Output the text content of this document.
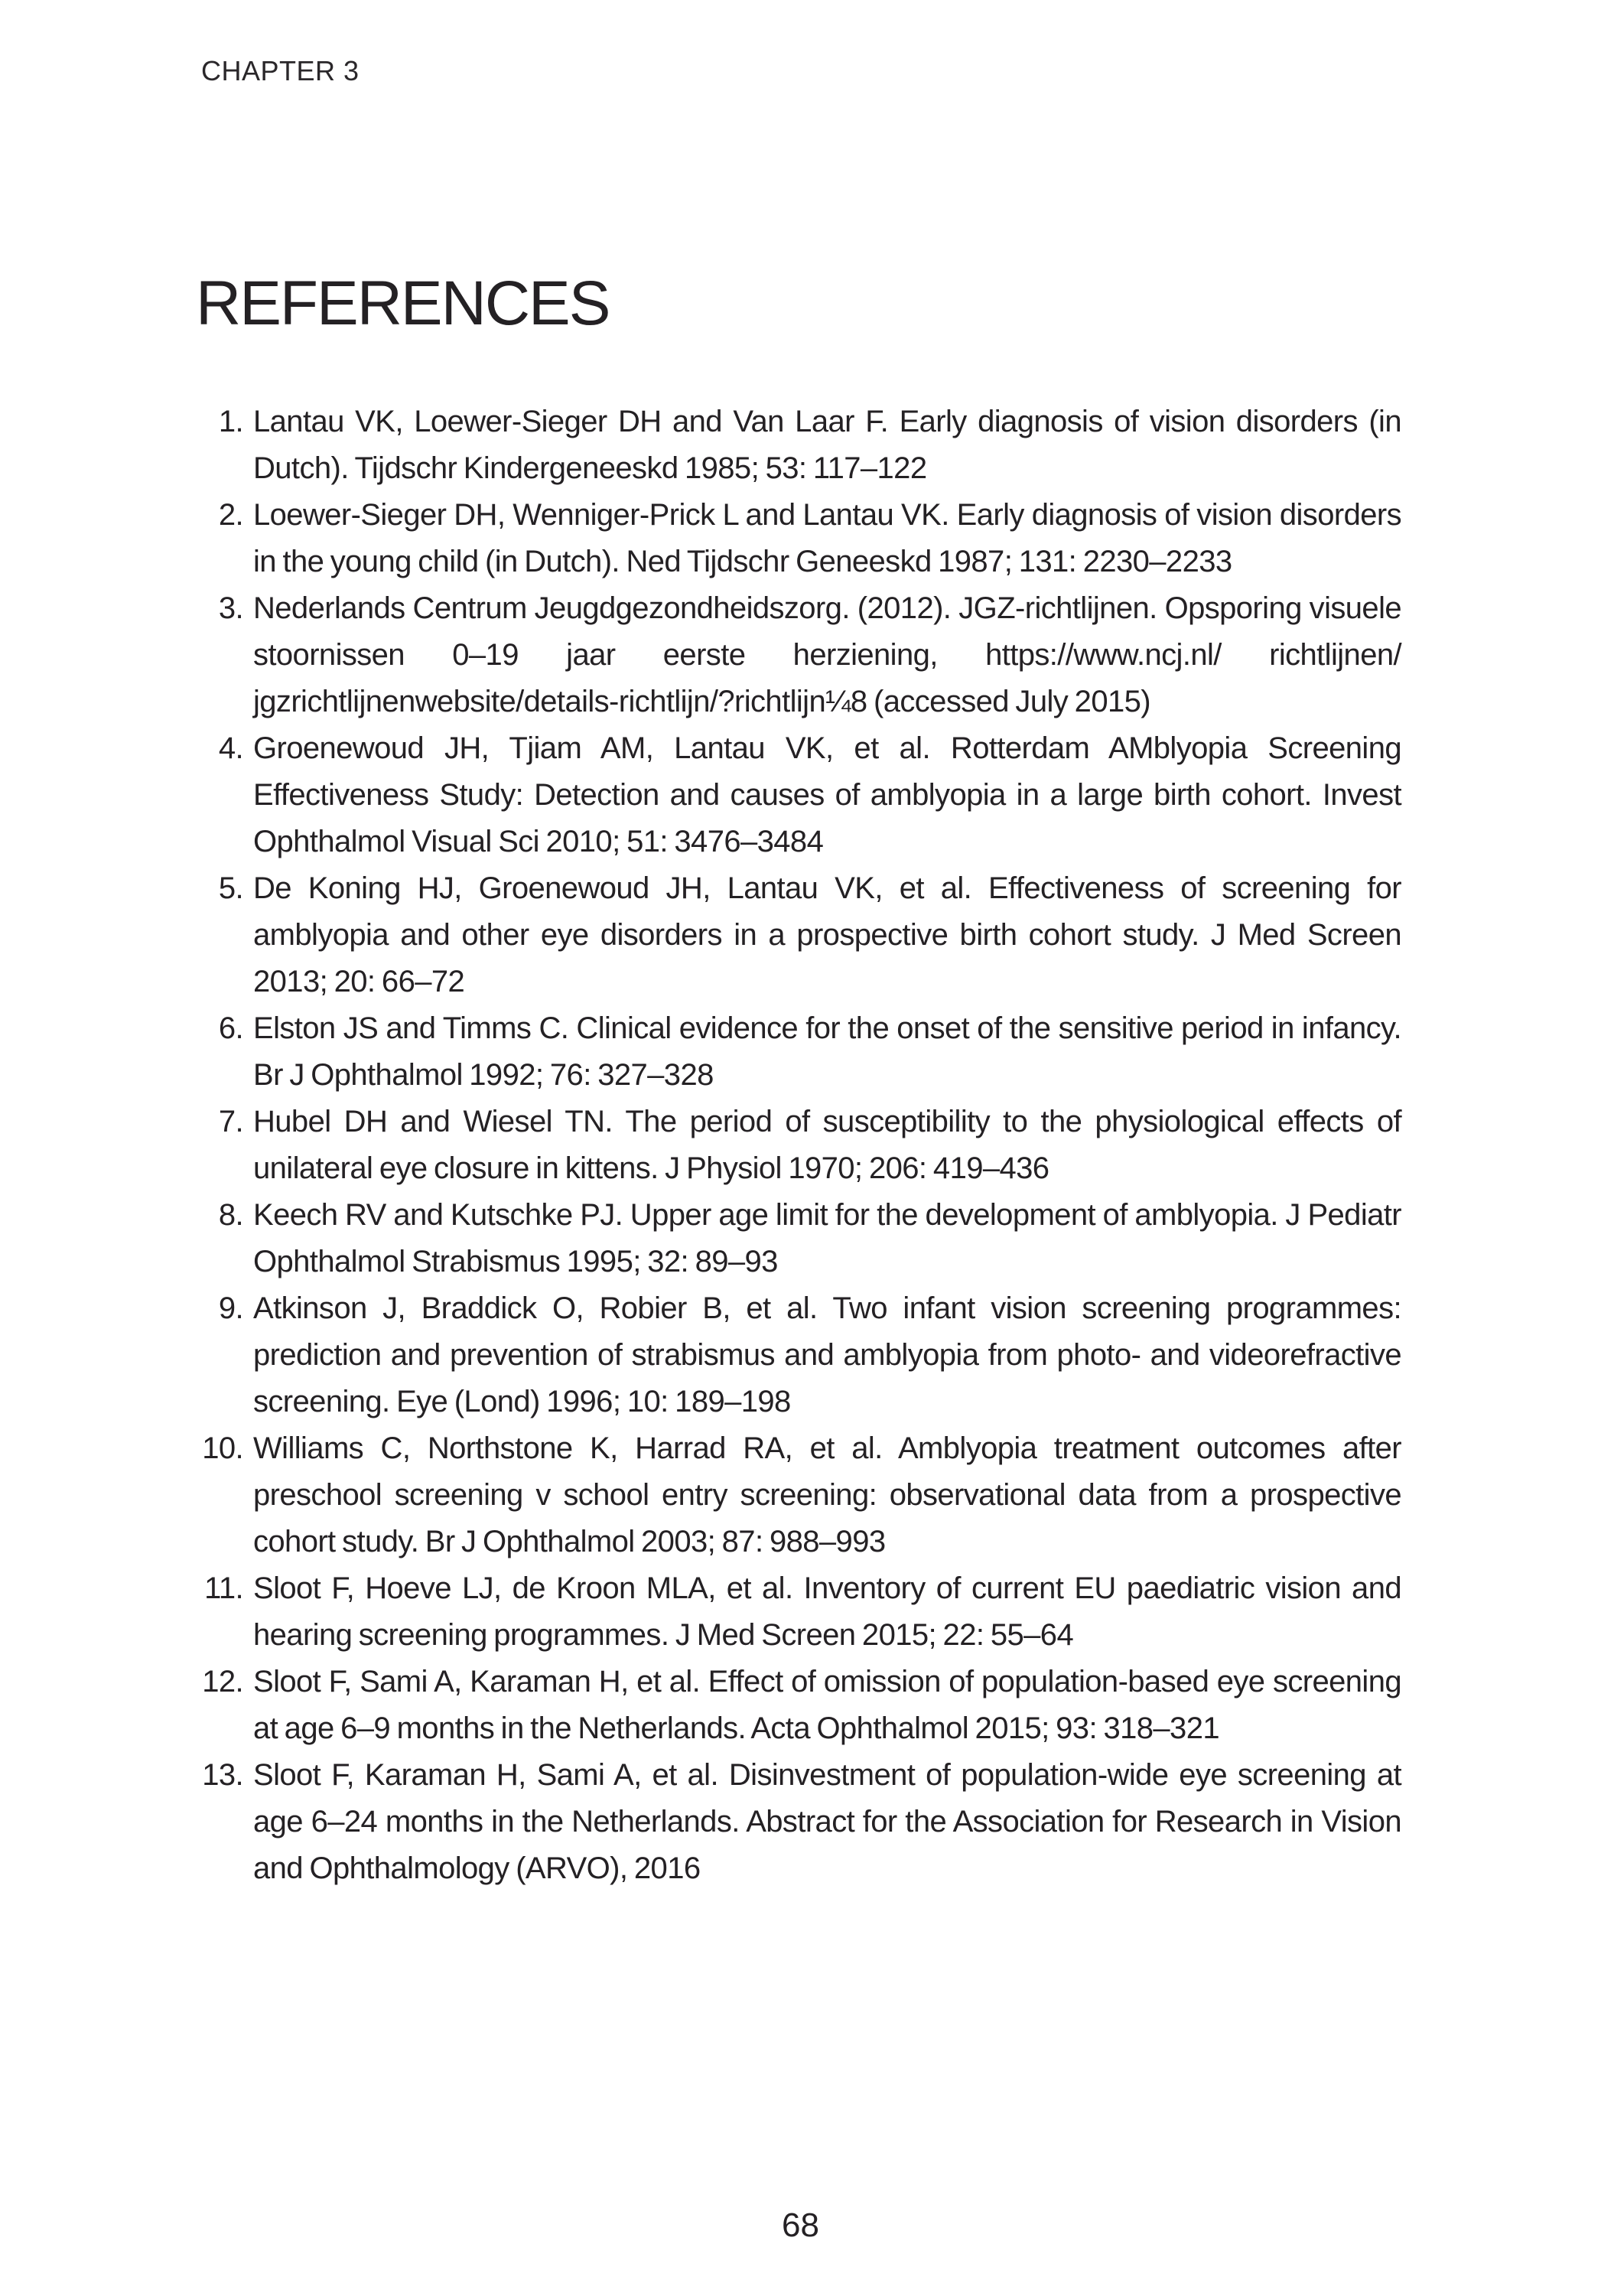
CHAPTER 3
REFERENCES
1. Lantau VK, Loewer-Sieger DH and Van Laar F. Early diagnosis of vision disorders (in Dutch). Tijdschr Kindergeneeskd 1985; 53: 117–122
2. Loewer-Sieger DH, Wenniger-Prick L and Lantau VK. Early diagnosis of vision disorders in the young child (in Dutch). Ned Tijdschr Geneeskd 1987; 131: 2230–2233
3. Nederlands Centrum Jeugdgezondheidszorg. (2012). JGZ-richtlijnen. Opsporing visuele stoornissen 0–19 jaar eerste herziening, https://www.ncj.nl/ richtlijnen/ jgzrichtlijnenwebsite/details-richtlijn/?richtlijn¼8 (accessed July 2015)
4. Groenewoud JH, Tjiam AM, Lantau VK, et al. Rotterdam AMblyopia Screening Effectiveness Study: Detection and causes of amblyopia in a large birth cohort. Invest Ophthalmol Visual Sci 2010; 51: 3476–3484
5. De Koning HJ, Groenewoud JH, Lantau VK, et al. Effectiveness of screening for amblyopia and other eye disorders in a prospective birth cohort study. J Med Screen 2013; 20: 66–72
6. Elston JS and Timms C. Clinical evidence for the onset of the sensitive period in infancy. Br J Ophthalmol 1992; 76: 327–328
7. Hubel DH and Wiesel TN. The period of susceptibility to the physiological effects of unilateral eye closure in kittens. J Physiol 1970; 206: 419–436
8. Keech RV and Kutschke PJ. Upper age limit for the development of amblyopia. J Pediatr Ophthalmol Strabismus 1995; 32: 89–93
9. Atkinson J, Braddick O, Robier B, et al. Two infant vision screening programmes: prediction and prevention of strabismus and amblyopia from photo- and videorefractive screening. Eye (Lond) 1996; 10: 189–198
10. Williams C, Northstone K, Harrad RA, et al. Amblyopia treatment outcomes after preschool screening v school entry screening: observational data from a prospective cohort study. Br J Ophthalmol 2003; 87: 988–993
11. Sloot F, Hoeve LJ, de Kroon MLA, et al. Inventory of current EU paediatric vision and hearing screening programmes. J Med Screen 2015; 22: 55–64
12. Sloot F, Sami A, Karaman H, et al. Effect of omission of population-based eye screening at age 6–9 months in the Netherlands. Acta Ophthalmol 2015; 93: 318–321
13. Sloot F, Karaman H, Sami A, et al. Disinvestment of population-wide eye screening at age 6–24 months in the Netherlands. Abstract for the Association for Research in Vision and Ophthalmology (ARVO), 2016
68
